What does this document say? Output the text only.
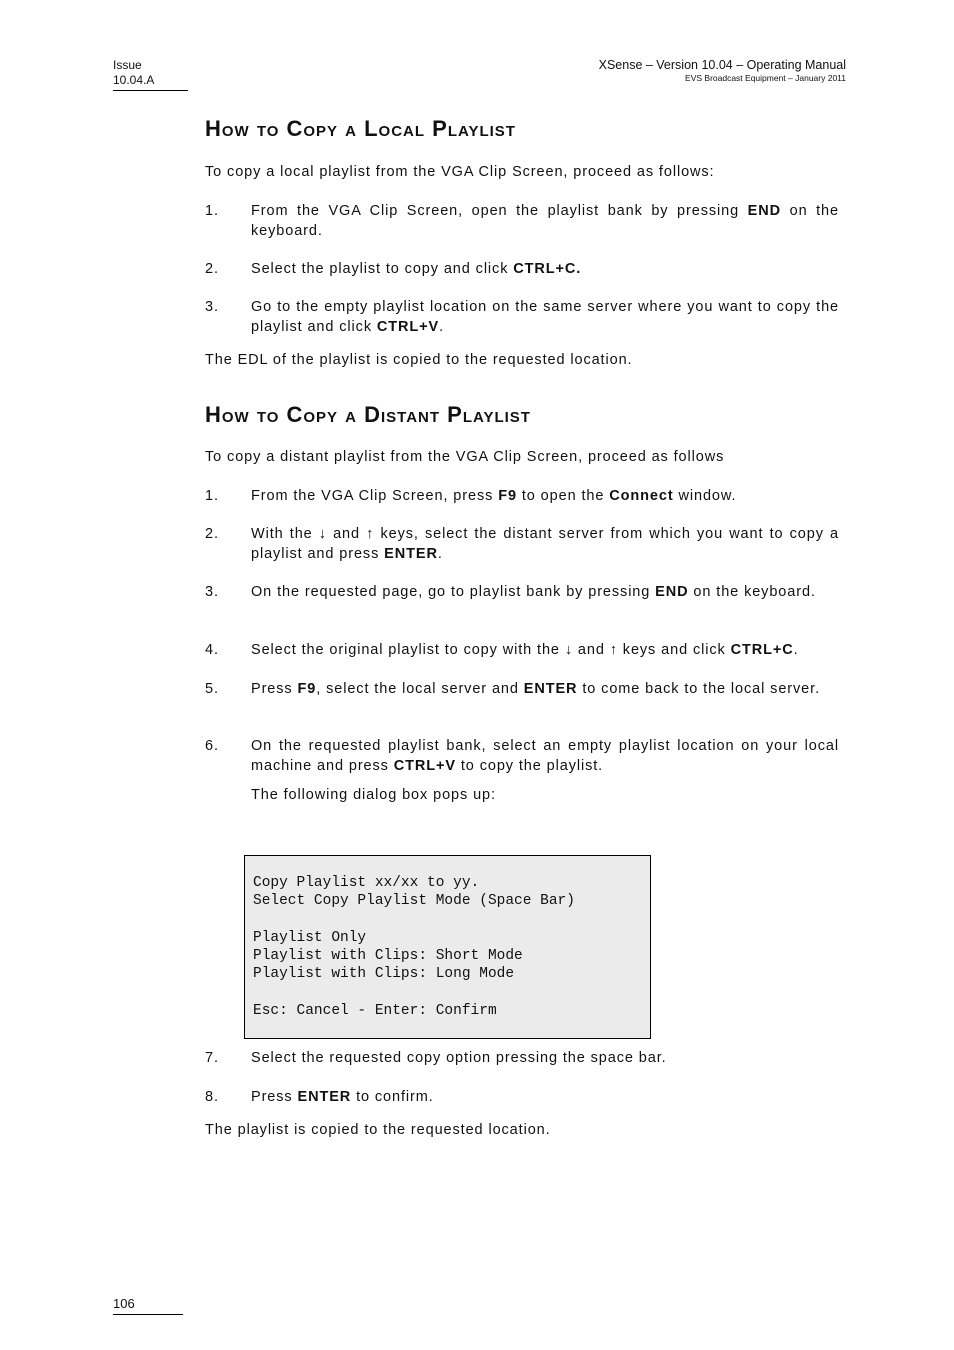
Issue
10.04.A
XSense – Version 10.04 – Operating Manual
EVS Broadcast Equipment – January 2011
How to Copy a Local Playlist

To copy a local playlist from the VGA Clip Screen, proceed as follows:

1. From the VGA Clip Screen, open the playlist bank by pressing END on the keyboard.
2. Select the playlist to copy and click CTRL+C.
3. Go to the empty playlist location on the same server where you want to copy the playlist and click CTRL+V.

The EDL of the playlist is copied to the requested location.

How to Copy a Distant Playlist

To copy a distant playlist from the VGA Clip Screen, proceed as follows

1. From the VGA Clip Screen, press F9 to open the Connect window.
2. With the ↓ and ↑ keys, select the distant server from which you want to copy a playlist and press ENTER.
3. On the requested page, go to playlist bank by pressing END on the keyboard.
4. Select the original playlist to copy with the ↓ and ↑ keys and click CTRL+C.
5. Press F9, select the local server and ENTER to come back to the local server.
6. On the requested playlist bank, select an empty playlist location on your local machine and press CTRL+V to copy the playlist.
The following dialog box pops up:
Copy Playlist xx/xx to yy.
Select Copy Playlist Mode (Space Bar)
Playlist Only
Playlist with Clips: Short Mode
Playlist with Clips: Long Mode
Esc: Cancel - Enter: Confirm
7. Select the requested copy option pressing the space bar.
8. Press ENTER to confirm.

The playlist is copied to the requested location.

106
